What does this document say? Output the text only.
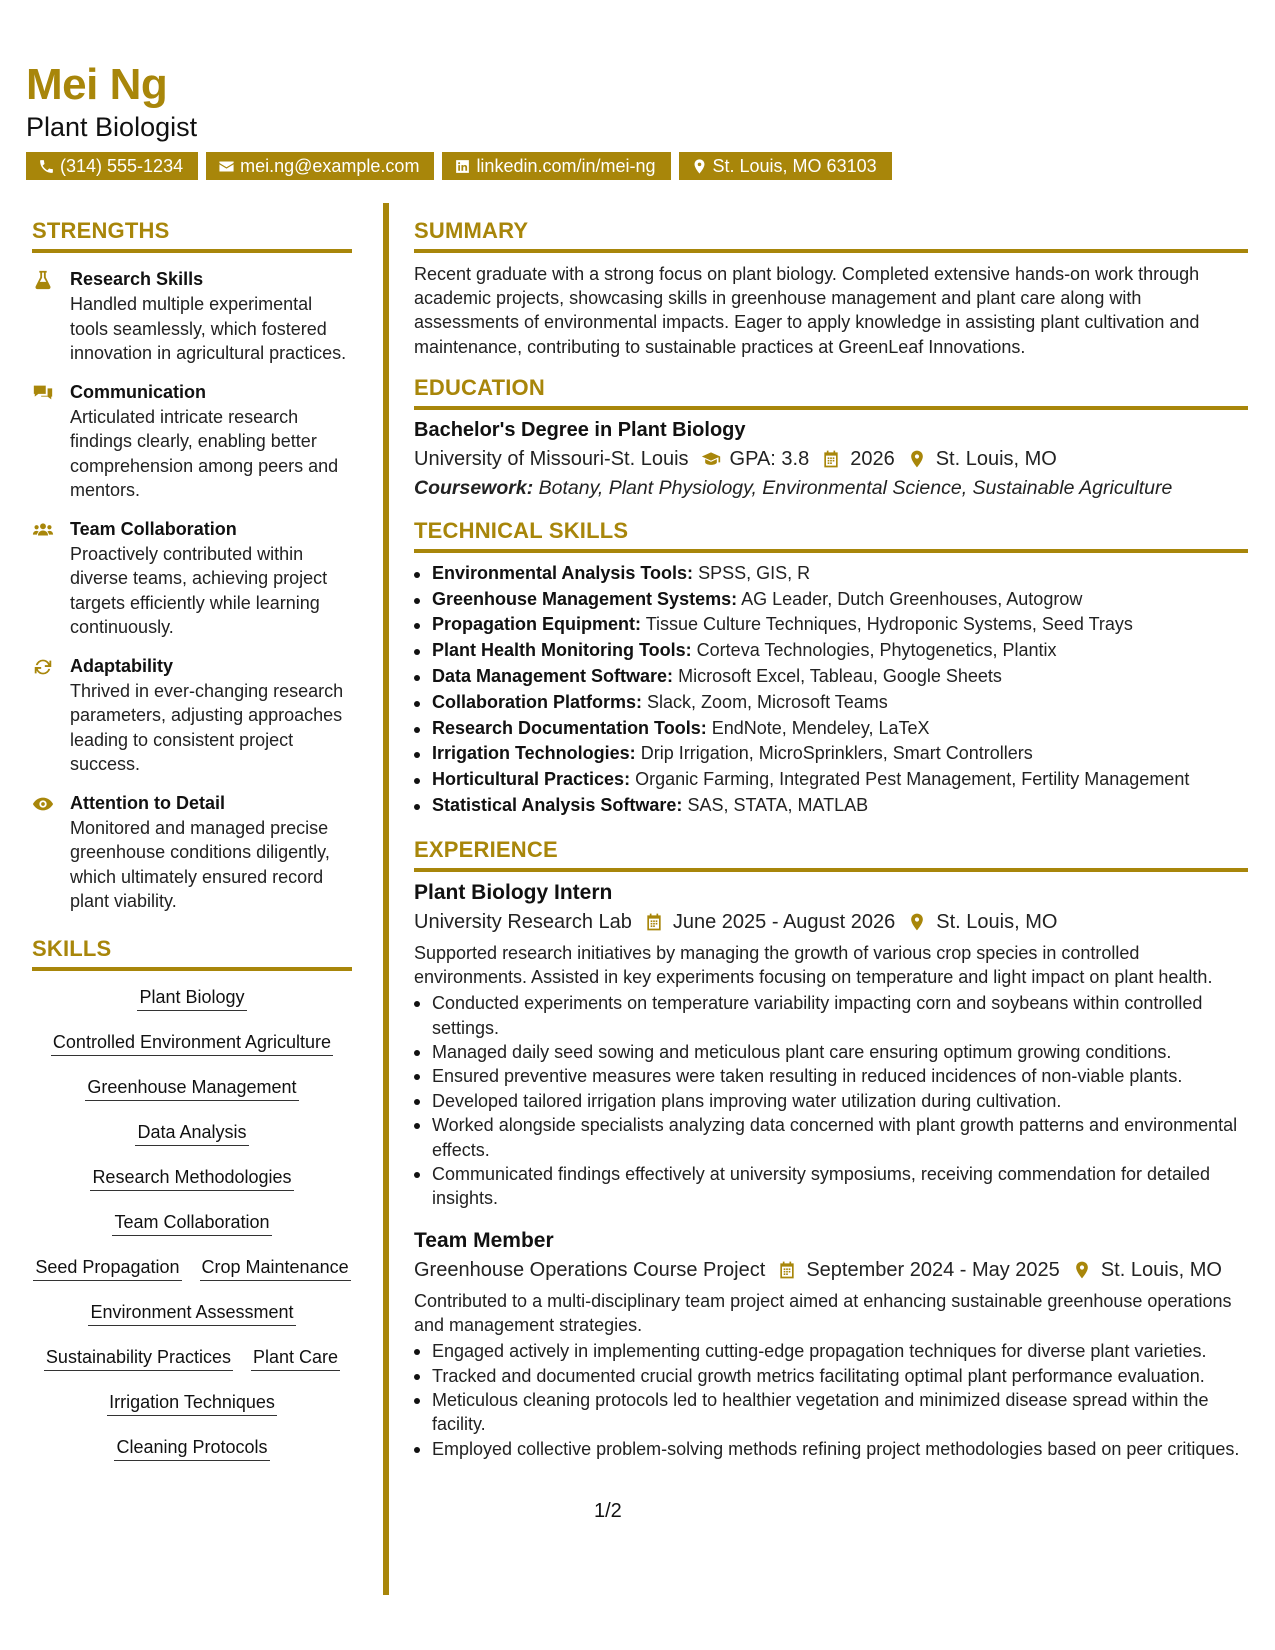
Mei Ng
Plant Biologist
(314) 555-1234	mei.ng@example.com	linkedin.com/in/mei-ng	St. Louis, MO 63103
STRENGTHS
Research Skills
Handled multiple experimental tools seamlessly, which fostered innovation in agricultural practices.
Communication
Articulated intricate research findings clearly, enabling better comprehension among peers and mentors.
Team Collaboration
Proactively contributed within diverse teams, achieving project targets efficiently while learning continuously.
Adaptability
Thrived in ever-changing research parameters, adjusting approaches leading to consistent project success.
Attention to Detail
Monitored and managed precise greenhouse conditions diligently, which ultimately ensured record plant viability.
SKILLS
Plant Biology
Controlled Environment Agriculture
Greenhouse Management
Data Analysis
Research Methodologies
Team Collaboration
Seed Propagation Crop Maintenance
Environment Assessment
Sustainability Practices Plant Care
Irrigation Techniques
Cleaning Protocols
SUMMARY
Recent graduate with a strong focus on plant biology. Completed extensive hands-on work through academic projects, showcasing skills in greenhouse management and plant care along with assessments of environmental impacts. Eager to apply knowledge in assisting plant cultivation and maintenance, contributing to sustainable practices at GreenLeaf Innovations.
EDUCATION
Bachelor's Degree in Plant Biology
University of Missouri-St. Louis GPA: 3.8 2026 St. Louis, MO
Coursework: Botany, Plant Physiology, Environmental Science, Sustainable Agriculture
TECHNICAL SKILLS
Environmental Analysis Tools: SPSS, GIS, R
Greenhouse Management Systems: AG Leader, Dutch Greenhouses, Autogrow
Propagation Equipment: Tissue Culture Techniques, Hydroponic Systems, Seed Trays
Plant Health Monitoring Tools: Corteva Technologies, Phytogenetics, Plantix
Data Management Software: Microsoft Excel, Tableau, Google Sheets
Collaboration Platforms: Slack, Zoom, Microsoft Teams
Research Documentation Tools: EndNote, Mendeley, LaTeX
Irrigation Technologies: Drip Irrigation, MicroSprinklers, Smart Controllers
Horticultural Practices: Organic Farming, Integrated Pest Management, Fertility Management
Statistical Analysis Software: SAS, STATA, MATLAB
EXPERIENCE
Plant Biology Intern
University Research Lab June 2025 - August 2026 St. Louis, MO
Supported research initiatives by managing the growth of various crop species in controlled environments. Assisted in key experiments focusing on temperature and light impact on plant health.
Conducted experiments on temperature variability impacting corn and soybeans within controlled settings.
Managed daily seed sowing and meticulous plant care ensuring optimum growing conditions.
Ensured preventive measures were taken resulting in reduced incidences of non-viable plants.
Developed tailored irrigation plans improving water utilization during cultivation.
Worked alongside specialists analyzing data concerned with plant growth patterns and environmental effects.
Communicated findings effectively at university symposiums, receiving commendation for detailed insights.
Team Member
Greenhouse Operations Course Project September 2024 - May 2025 St. Louis, MO
Contributed to a multi-disciplinary team project aimed at enhancing sustainable greenhouse operations and management strategies.
Engaged actively in implementing cutting-edge propagation techniques for diverse plant varieties.
Tracked and documented crucial growth metrics facilitating optimal plant performance evaluation.
Meticulous cleaning protocols led to healthier vegetation and minimized disease spread within the facility.
Employed collective problem-solving methods refining project methodologies based on peer critiques.
1/2
